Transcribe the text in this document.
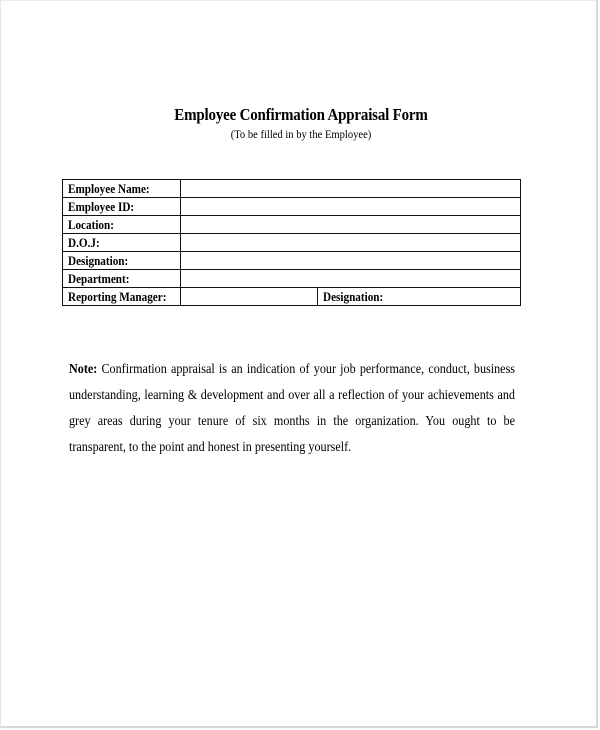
Employee Confirmation Appraisal Form
(To be filled in by the Employee)
Employee Name:		
Employee ID:		
Location:		
D.O.J:		
Designation:		
Department:		
Reporting Manager:		Designation:
Note: Confirmation appraisal is an indication of your job performance, conduct, business understanding, learning & development and over all a reflection of your achievements and grey areas during your tenure of six months in the organization. You ought to be transparent, to the point and honest in presenting yourself.
